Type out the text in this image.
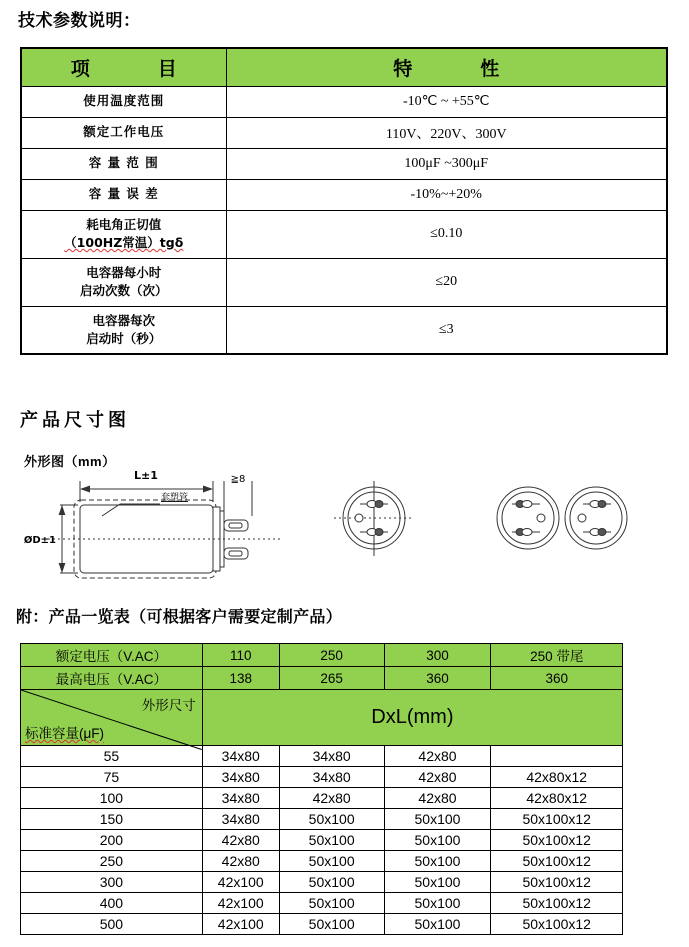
技术参数说明：
项　　目	特　　性
使用温度范围	-10℃ ~ +55℃
额定工作电压	110V、220V、300V
容 量 范 围	100μF ~300μF
容 量 误 差	-10%~+20%

耗电角正切值
（100HZ常温）tgδ	≤0.10

电容器每小时
启动次数（次）	≤20

电容器每次
启动时（秒）	≤3
产品尺寸图
外形图（mm）
L±1
ØD±1
≧8
套塑管
附：产品一览表（可根据客户需要定制产品）
额定电压（V.AC）	110	250	300	250 带尾
最高电压（V.AC）	138	265	360	360

外形尺寸
标准容量(μF)	DxL(mm)			
55	34x80	34x80	42x80	
75	34x80	34x80	42x80	42x80x12
100	34x80	42x80	42x80	42x80x12
150	34x80	50x100	50x100	50x100x12
200	42x80	50x100	50x100	50x100x12
250	42x80	50x100	50x100	50x100x12
300	42x100	50x100	50x100	50x100x12
400	42x100	50x100	50x100	50x100x12
500	42x100	50x100	50x100	50x100x12
